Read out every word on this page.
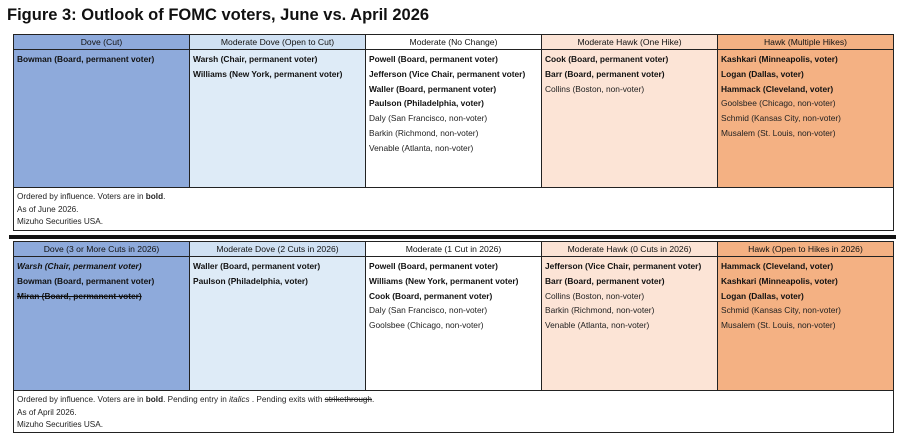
Figure 3: Outlook of FOMC voters, June vs. April 2026
Dove (Cut)
Bowman (Board, permanent voter)
Moderate Dove (Open to Cut)
Warsh (Chair, permanent voter)
Williams (New York, permanent voter)
Moderate (No Change)
Powell (Board, permanent voter)
Jefferson (Vice Chair, permanent voter)
Waller (Board, permanent voter)
Paulson (Philadelphia, voter)
Daly (San Francisco, non-voter)
Barkin (Richmond, non-voter)
Venable (Atlanta, non-voter)
Moderate Hawk (One Hike)
Cook (Board, permanent voter)
Barr (Board, permanent voter)
Collins (Boston, non-voter)
Hawk (Multiple Hikes)
Kashkari (Minneapolis, voter)
Logan (Dallas, voter)
Hammack (Cleveland, voter)
Goolsbee (Chicago, non-voter)
Schmid (Kansas City, non-voter)
Musalem (St. Louis, non-voter)
Ordered by influence. Voters are in bold.
As of June 2026.
Mizuho Securities USA.
Dove (3 or More Cuts in 2026)
Warsh (Chair, permanent voter)
Bowman (Board, permanent voter)
Miran (Board, permanent voter)
Moderate Dove (2 Cuts in 2026)
Waller (Board, permanent voter)
Paulson (Philadelphia, voter)
Moderate (1 Cut in 2026)
Powell (Board, permanent voter)
Williams (New York, permanent voter)
Cook (Board, permanent voter)
Daly (San Francisco, non-voter)
Goolsbee (Chicago, non-voter)
Moderate Hawk (0 Cuts in 2026)
Jefferson (Vice Chair, permanent voter)
Barr (Board, permanent voter)
Collins (Boston, non-voter)
Barkin (Richmond, non-voter)
Venable (Atlanta, non-voter)
Hawk (Open to Hikes in 2026)
Hammack (Cleveland, voter)
Kashkari (Minneapolis, voter)
Logan (Dallas, voter)
Schmid (Kansas City, non-voter)
Musalem (St. Louis, non-voter)
Ordered by influence. Voters are in bold. Pending entry in italics . Pending exits with strikethrough.
As of April 2026.
Mizuho Securities USA.
